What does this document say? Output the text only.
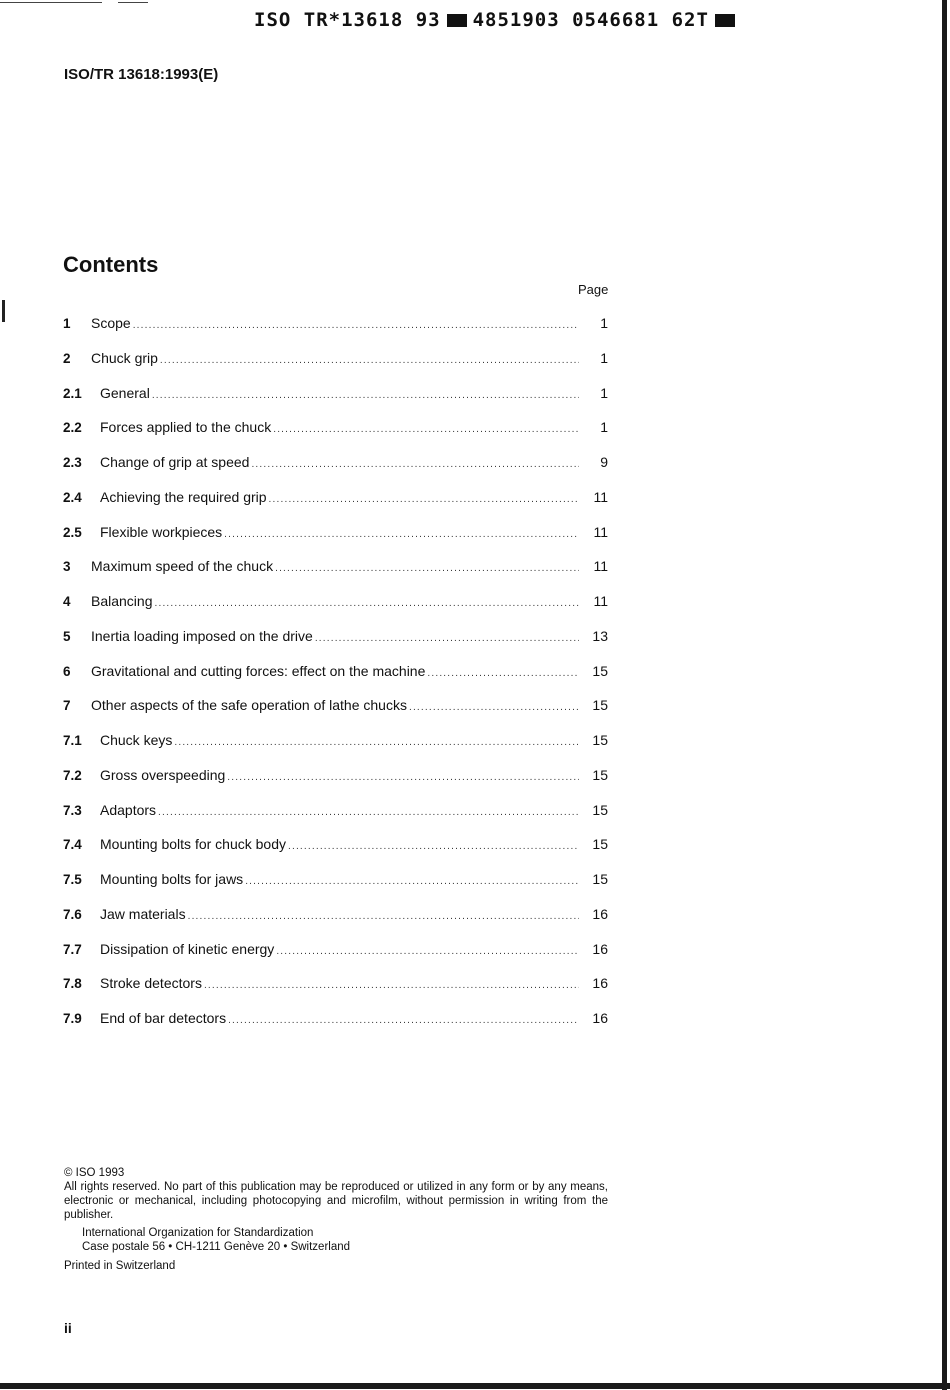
ISO TR*13618 93 4851903 0546681 62T
ISO/TR 13618:1993(E)
Contents
Page
1	Scope .....	1
2	Chuck grip .....	1
2.1	General .....	1
2.2	Forces applied to the chuck .....	1
2.3	Change of grip at speed .....	9
2.4	Achieving the required grip .....	11
2.5	Flexible workpieces .....	11
3	Maximum speed of the chuck .....	11
4	Balancing .....	11
5	Inertia loading imposed on the drive .....	13
6	Gravitational and cutting forces: effect on the machine .....	15
7	Other aspects of the safe operation of lathe chucks .....	15
7.1	Chuck keys .....	15
7.2	Gross overspeeding .....	15
7.3	Adaptors .....	15
7.4	Mounting bolts for chuck body .....	15
7.5	Mounting bolts for jaws .....	15
7.6	Jaw materials .....	16
7.7	Dissipation of kinetic energy .....	16
7.8	Stroke detectors .....	16
7.9	End of bar detectors .....	16

© ISO 1993

All rights reserved. No part of this publication may be reproduced or utilized in any form or by any means, electronic or mechanical, including photocopying and microfilm, without permission in writing from the publisher.

International Organization for Standardization

Case postale 56 • CH-1211 Genève 20 • Switzerland

Printed in Switzerland

ii
